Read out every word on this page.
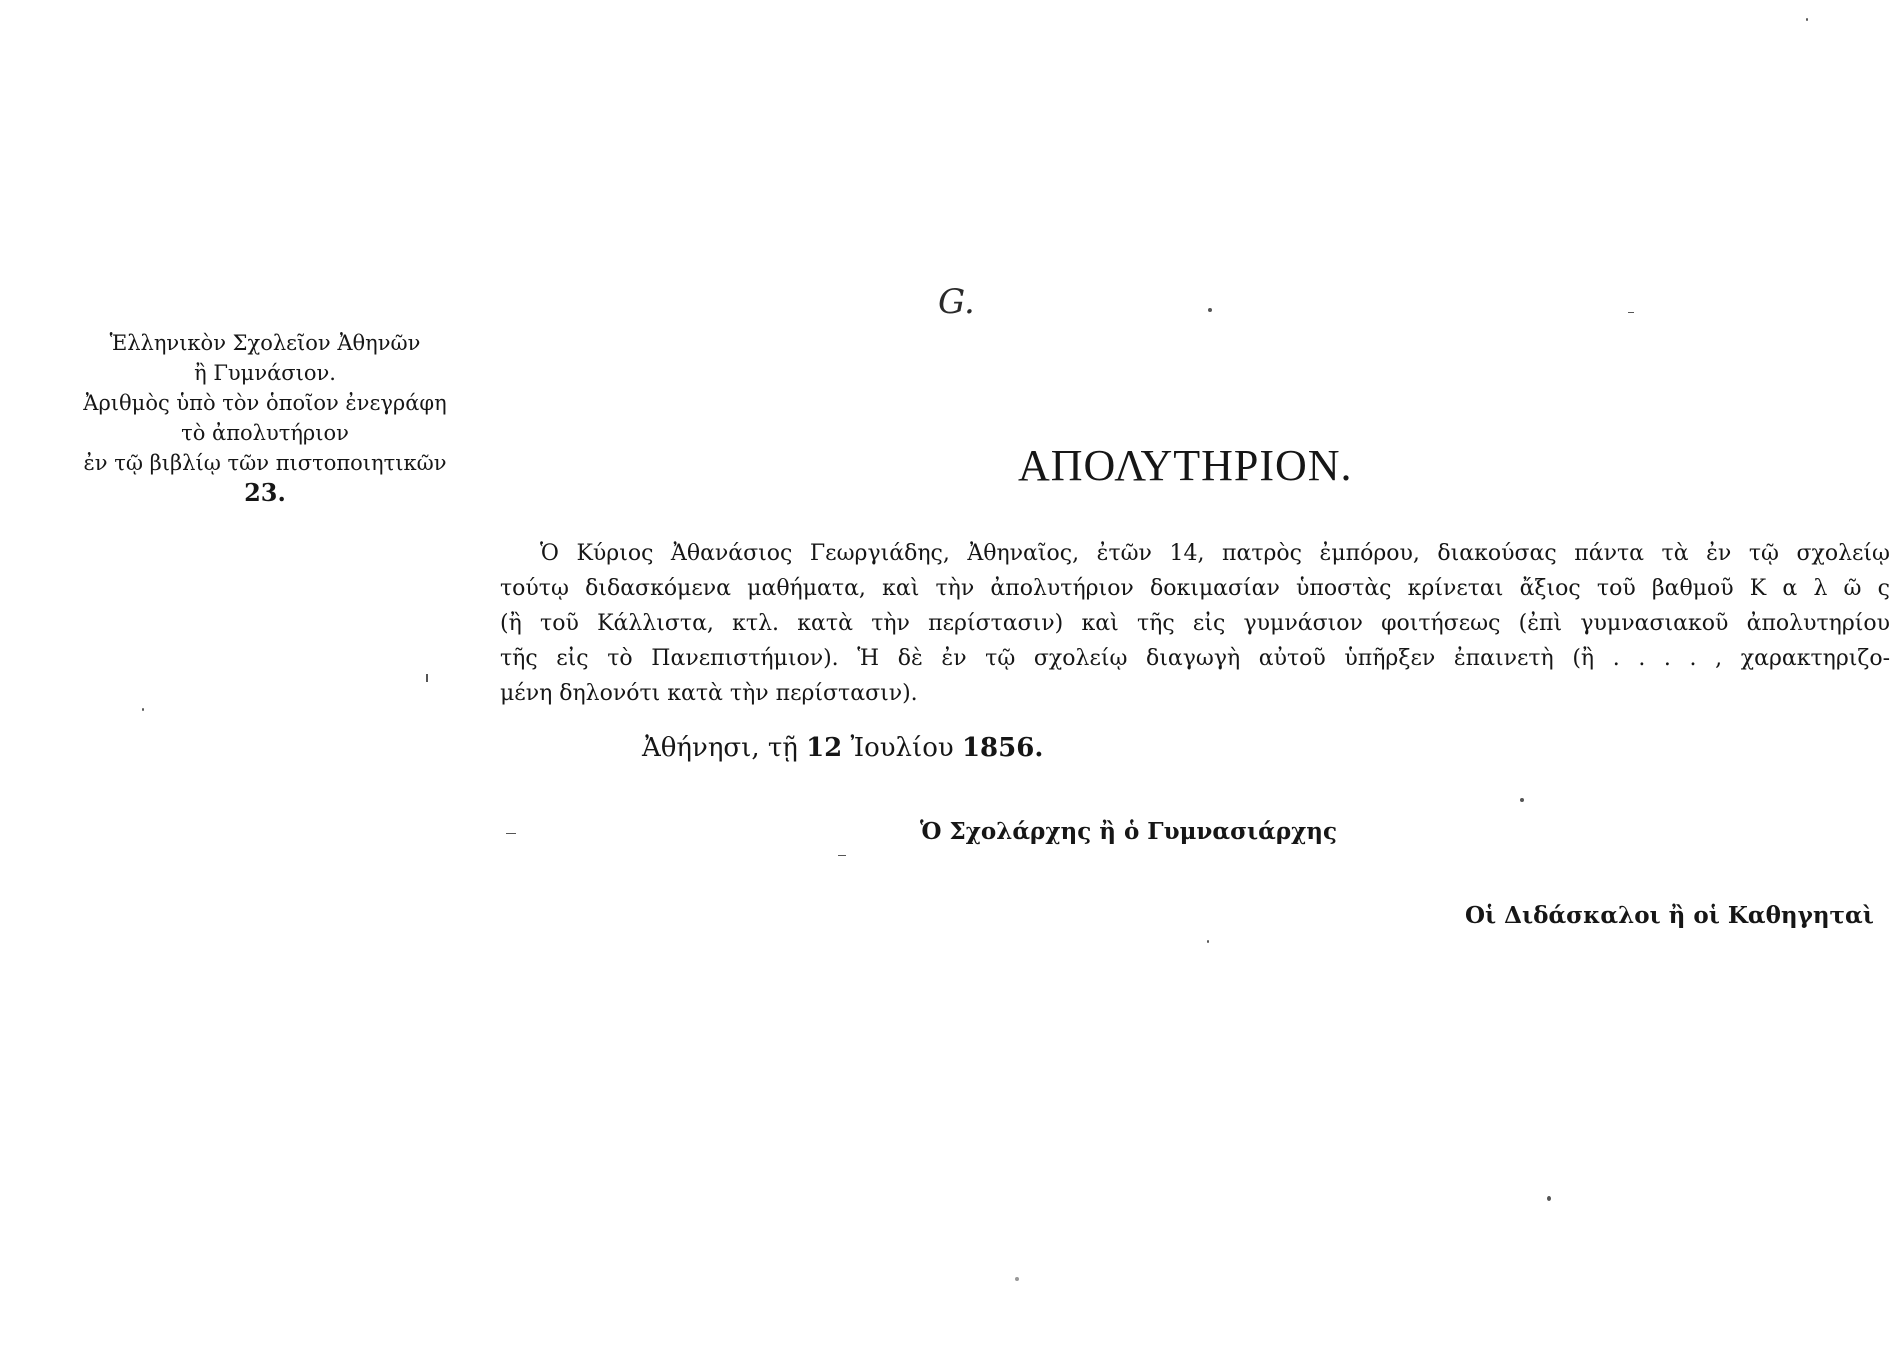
Ἑλληνικὸν Σχολεῖον Ἀθηνῶν
ἢ Γυμνάσιον.
Ἀριθμὸς ὑπὸ τὸν ὁποῖον ἐνεγράφη
τὸ ἀπολυτήριον
ἐν τῷ βιβλίῳ τῶν πιστοποιητικῶν
23.
G.
ΑΠΟΛΥΤΗΡΙΟΝ.
Ὁ Κύριος Ἀθανάσιος Γεωργιάδης, Ἀθηναῖος, ἐτῶν 14, πατρὸς ἐμπόρου, διακούσας πάντα τὰ ἐν τῷ σχολείῳ
τούτῳ διδασκόμενα μαθήματα, καὶ τὴν ἀπολυτήριον δοκιμασίαν ὑποστὰς κρίνεται ἄξιος τοῦ βαθμοῦ Κ α λ ῶ ς
(ἢ τοῦ Κάλλιστα, κτλ. κατὰ τὴν περίστασιν) καὶ τῆς εἰς γυμνάσιον φοιτήσεως (ἐπὶ γυμνασιακοῦ ἀπολυτηρίου
τῆς εἰς τὸ Πανεπιστήμιον). Ἡ δὲ ἐν τῷ σχολείῳ διαγωγὴ αὐτοῦ ὑπῆρξεν ἐπαινετὴ (ἢ . . . . , χαρακτηριζο-
μένη δηλονότι κατὰ τὴν περίστασιν).
Ἀθήνησι, τῇ 12 Ἰουλίου 1856.
Ὁ Σχολάρχης ἢ ὁ Γυμνασιάρχης
Οἱ Διδάσκαλοι ἢ οἱ Καθηγηταὶ
